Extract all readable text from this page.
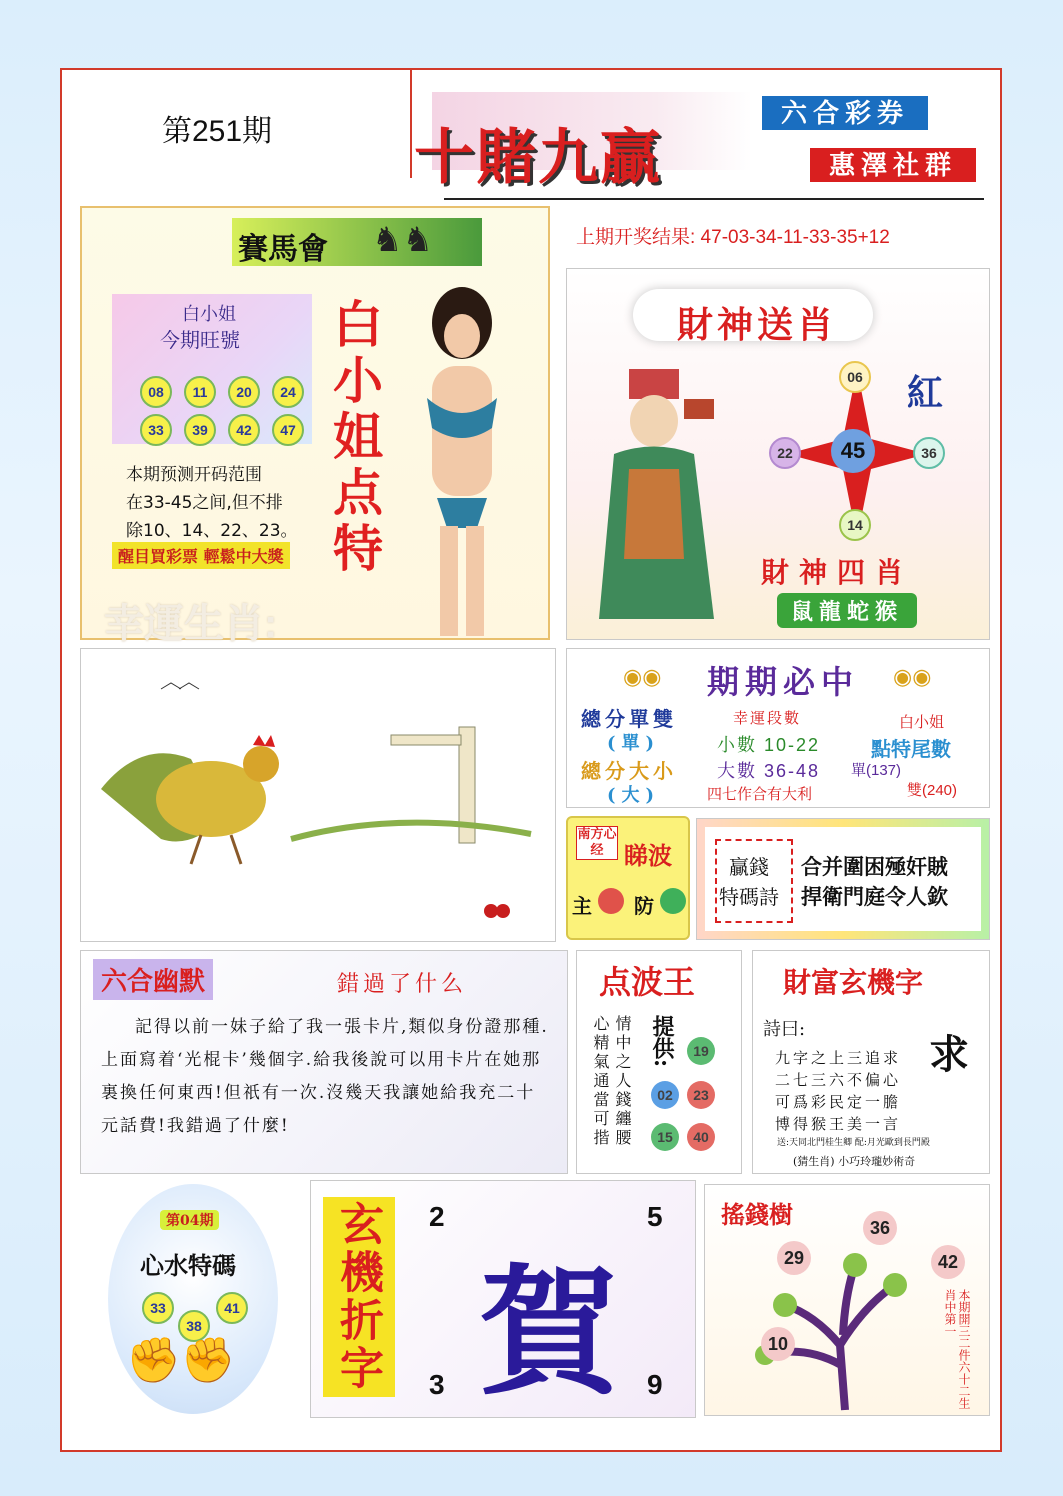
第251期 十賭九贏
六合彩券
惠澤社群
上期开奖结果: 47-03-34-11-33-35+12
賽馬會 ♞♞
白小姐
今期旺號
08	11	20	24
33	39	42	47 白小姐点特
本期预测开码范围
在33-45之间,但不排
除10、14、22、23。
醒目買彩票 輕鬆中大獎
幸運生肖:
財神送肖
06
22	36
14
45
紅
財神四肖
鼠龍蛇猴
◉◉	◉◉
期期必中
總分單雙
(單)
總分大小
(大)
幸運段數
小數 10-22
大數 36-48
四七作合有大利
白小姐
點特尾數
單(137)
雙(240)
南方心经 睇波
主 防
贏錢
特碼詩
合并圍困殛奸賊
捍衛門庭令人欽
六合幽默	錯過了什么
記得以前一妹子給了我一張卡片,類似身份證那種.上面寫着‘光棍卡’幾個字.給我後說可以用卡片在她那裏換任何東西!但祇有一次.沒幾天我讓她給我充二十元話費!我錯過了什麼!
点波王
心精氣通當可揩 情中之人錢纏腰 提供:	19
02	23
15	40
財富玄機字
詩曰:
求
九字之上三追求
二七三六不偏心
可爲彩民定一膽
博得猴王美一言
送:天同北門桂生卿 配:月光歐到長門殿
(猜生肖) 小巧玲瓏妙術奇
第04期
心水特碼
33
38
41
✊✊ 玄機折字 賀
2	5
3	9
搖錢樹	36
29	42
10	本期開三二件六十二生肖中第一
